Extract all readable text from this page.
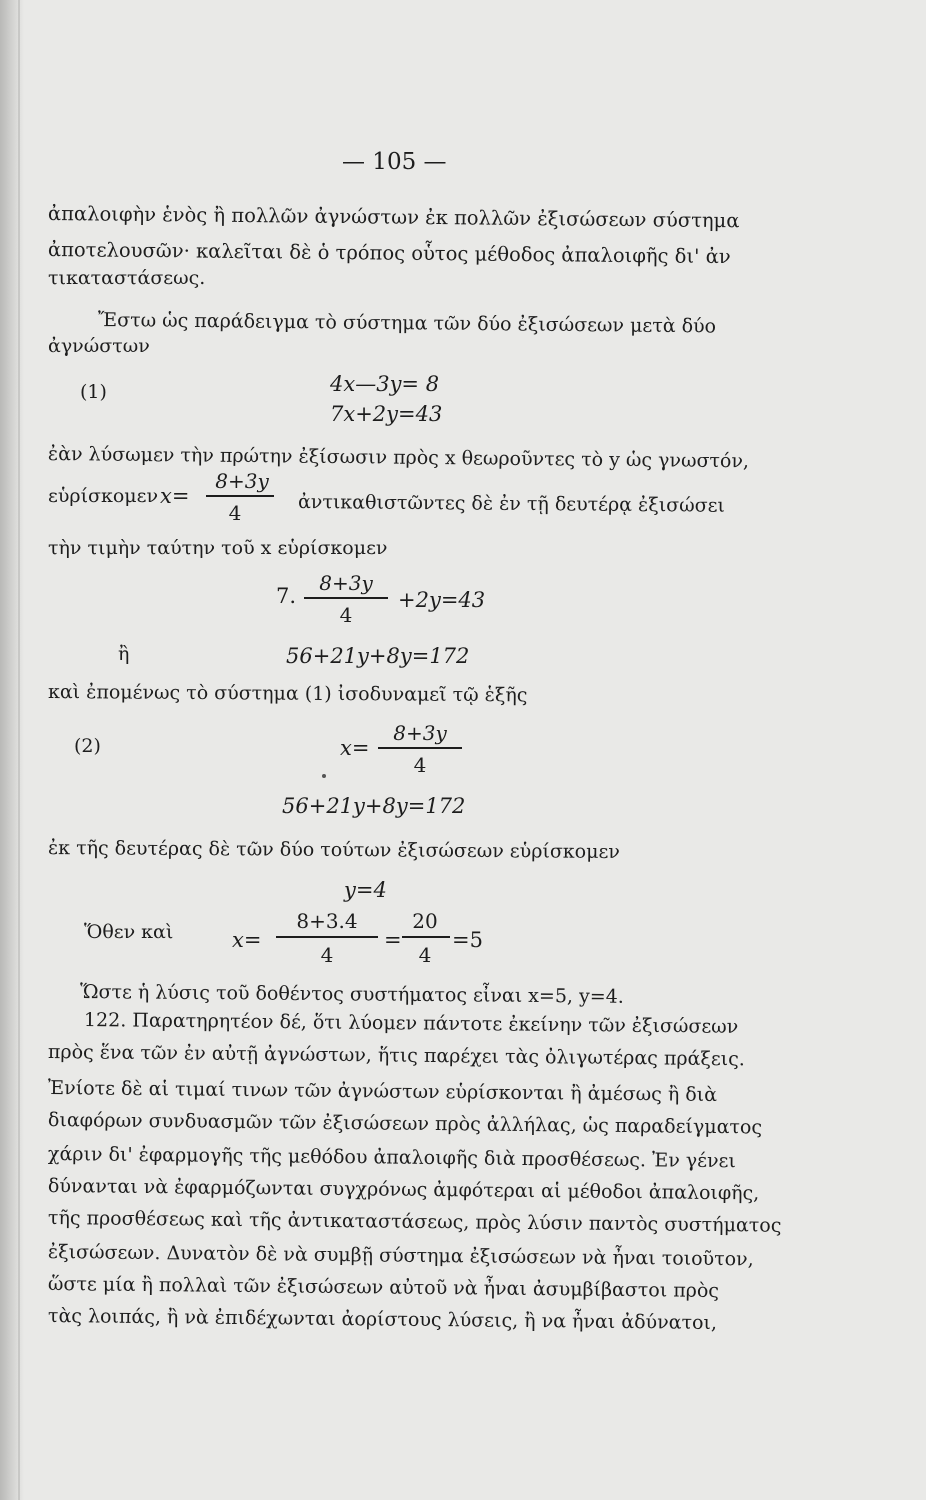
— 105 —
ἀπαλοιφὴν ἑνὸς ἢ πολλῶν ἀγνώστων ἐκ πολλῶν ἐξισώσεων σύστημα
ἀποτελουσῶν· καλεῖται δὲ ὁ τρόπος οὗτος μέθοδος ἀπαλοιφῆς δι' ἀν
τικαταστάσεως.
Ἔστω ὡς παράδειγμα τὸ σύστημα τῶν δύο ἐξισώσεων μετὰ δύο
ἀγνώστων
(1)	4x—3y= 8
7x+2y=43
ἐὰν λύσωμεν τὴν πρώτην ἐξίσωσιν πρὸς x θεωροῦντες τὸ y ὡς γνωστόν,
εὑρίσκομεν x=
8+3y
4	ἀντικαθιστῶντες δὲ ἐν τῇ δευτέρᾳ ἐξισώσει
τὴν τιμὴν ταύτην τοῦ x εὑρίσκομεν
7.
8+3y
4
+2y=43
ἢ	56+21y+8y=172
καὶ ἐπομένως τὸ σύστημα (1) ἰσοδυναμεῖ τῷ ἑξῆς
(2)	x=
8+3y
4
56+21y+8y=172
ἐκ τῆς δευτέρας δὲ τῶν δύο τούτων ἐξισώσεων εὑρίσκομεν
y=4
Ὅθεν καὶ	x=
8+3.4
4
=
20
4
=5
Ὥστε ἡ λύσις τοῦ δοθέντος συστήματος εἶναι x=5, y=4.
122. Παρατηρητέον δέ, ὅτι λύομεν πάντοτε ἐκείνην τῶν ἐξισώσεων
πρὸς ἕνα τῶν ἐν αὐτῇ ἀγνώστων, ἥτις παρέχει τὰς ὀλιγωτέρας πράξεις.
Ἐνίοτε δὲ αἱ τιμαί τινων τῶν ἀγνώστων εὑρίσκονται ἢ ἀμέσως ἢ διὰ
διαφόρων συνδυασμῶν τῶν ἐξισώσεων πρὸς ἀλλήλας, ὡς παραδείγματος
χάριν δι' ἐφαρμογῆς τῆς μεθόδου ἀπαλοιφῆς διὰ προσθέσεως. Ἐν γένει
δύνανται νὰ ἐφαρμόζωνται συγχρόνως ἀμφότεραι αἱ μέθοδοι ἀπαλοιφῆς,
τῆς προσθέσεως καὶ τῆς ἀντικαταστάσεως, πρὸς λύσιν παντὸς συστήματος
ἐξισώσεων. Δυνατὸν δὲ νὰ συμβῇ σύστημα ἐξισώσεων νὰ ἦναι τοιοῦτον,
ὥστε μία ἢ πολλαὶ τῶν ἐξισώσεων αὐτοῦ νὰ ἦναι ἀσυμβίβαστοι πρὸς
τὰς λοιπάς, ἢ νὰ ἐπιδέχωνται ἀορίστους λύσεις, ἢ να ἦναι ἀδύνατοι,
